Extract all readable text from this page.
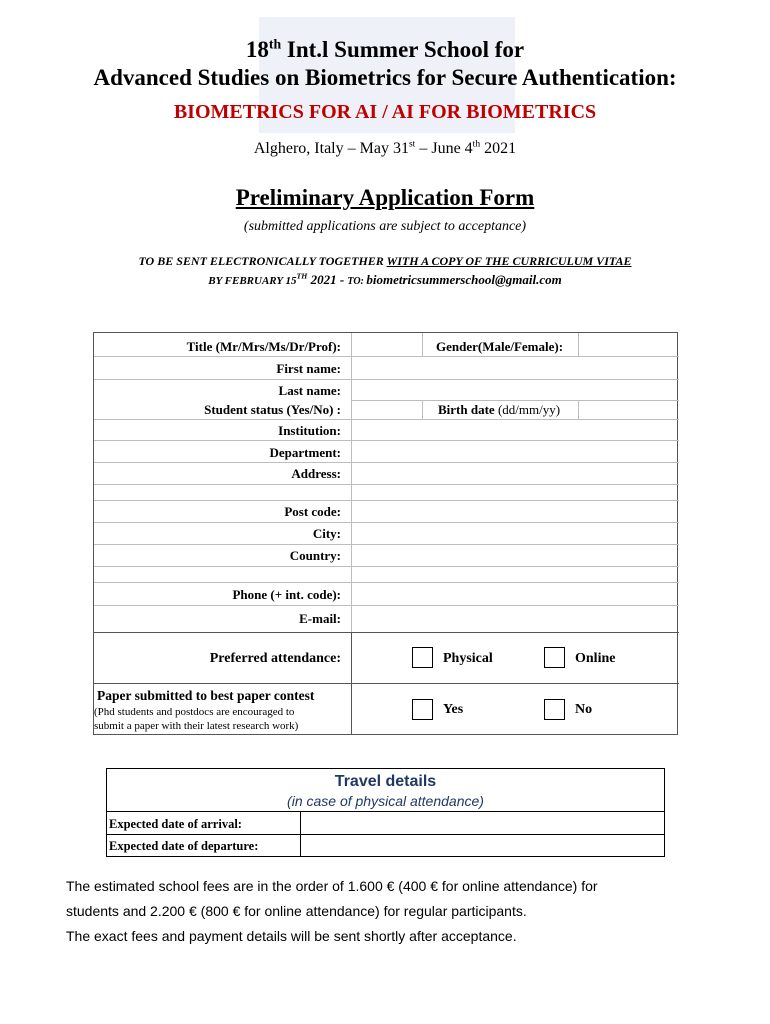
18th Int.l Summer School for
Advanced Studies on Biometrics for Secure Authentication:
BIOMETRICS FOR AI / AI FOR BIOMETRICS
Alghero, Italy – May 31st – June 4th 2021
Preliminary Application Form
(submitted applications are subject to acceptance)
TO BE SENT ELECTRONICALLY TOGETHER WITH A COPY OF THE CURRICULUM VITAE
BY FEBRUARY 15TH 2021 - TO: biometricsummerschool@gmail.com
Title (Mr/Mrs/Ms/Dr/Prof):	Gender(Male/Female):
First name:
Last name:
Student status (Yes/No) :	Birth date (dd/mm/yy)
Institution:
Department:
Address:
Post code:
City:
Country:
Phone (+ int. code):
E-mail:
Preferred attendance:	Physical	Online
Paper submitted to best paper contest
(Phd students and postdocs are encouraged to
submit a paper with their latest research work)
Yes	No
Travel details
(in case of physical attendance)
Expected date of arrival:
Expected date of departure:
The estimated school fees are in the order of 1.600 € (400 € for online attendance) for
students and 2.200 € (800 € for online attendance) for regular participants.
The exact fees and payment details will be sent shortly after acceptance.
